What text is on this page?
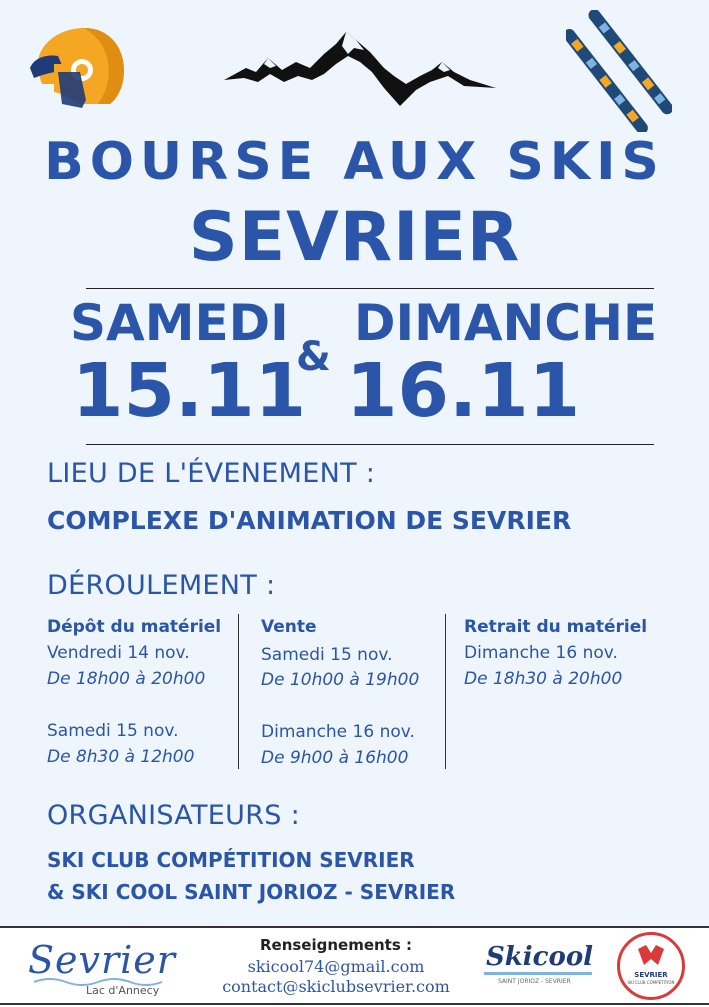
BOURSE AUX SKIS
SEVRIER
SAMEDI
15.11
&
DIMANCHE
16.11
LIEU DE L'ÉVENEMENT :
COMPLEXE D'ANIMATION DE SEVRIER
DÉROULEMENT :
Dépôt du matériel
Vendredi 14 nov.
De 18h00 à 20h00
Samedi 15 nov.
De 8h30 à 12h00
Vente
Samedi 15 nov.
De 10h00 à 19h00
Dimanche 16 nov.
De 9h00 à 16h00
Retrait du matériel
Dimanche 16 nov.
De 18h30 à 20h00
ORGANISATEURS :
SKI CLUB COMPÉTITION SEVRIER
& SKI COOL SAINT JORIOZ - SEVRIER
Sevrier
Lac d'Annecy
Renseignements :
skicool74@gmail.com
contact@skiclubsevrier.com
Skicool
SAINT JORIOZ - SEVRIER
SEVRIER
SKI CLUB COMPETITION
